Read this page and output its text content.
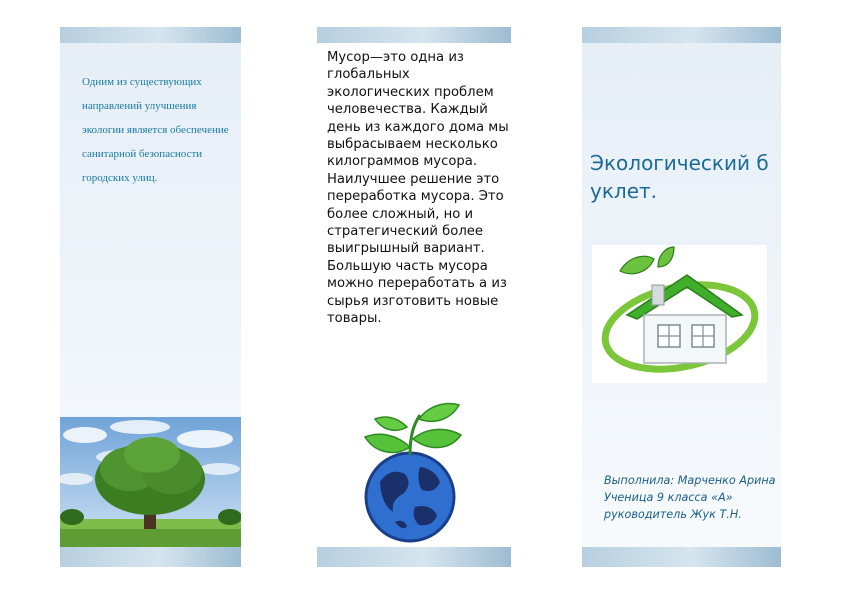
Одним из существующих направлений улучшения экологии является обеспечение санитарной безопасности городских улиц.
Мусор—это одна из глобальных экологических проблем человечества. Каждый день из каждого дома мы выбрасываем несколько килограммов мусора. Наилучшее решение это переработка мусора. Это более сложный, но и стратегический более выигрышный вариант. Большую часть мусора можно переработать а из сырья изготовить новые товары.
Экологический буклет.
Выполнила: Марченко Арина Ученица 9 класса «А» руководитель Жук Т.Н.
